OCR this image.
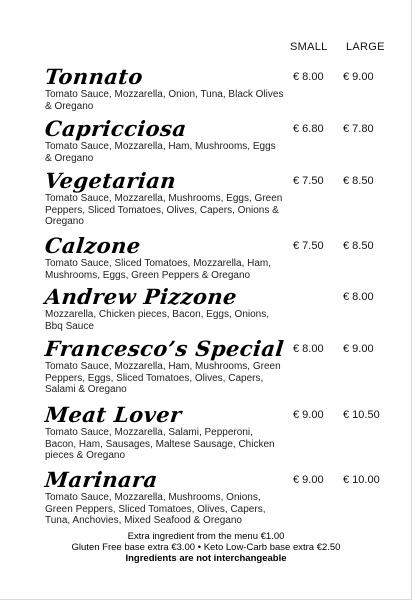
SMALL LARGE
Tonnato
Tomato Sauce, Mozzarella, Onion, Tuna, Black Olives & Oregano
€ 8.00 € 9.00
Capricciosa
Tomato Sauce, Mozzarella, Ham, Mushrooms, Eggs & Oregano
€ 6.80 € 7.80
Vegetarian
Tomato Sauce, Mozzarella, Mushrooms, Eggs, Green Peppers, Sliced Tomatoes, Olives, Capers, Onions & Oregano
€ 7.50 € 8.50
Calzone
Tomato Sauce, Sliced Tomatoes, Mozzarella, Ham, Mushrooms, Eggs, Green Peppers & Oregano
€ 7.50 € 8.50
Andrew Pizzone
Mozzarella, Chicken pieces, Bacon, Eggs, Onions, Bbq Sauce
€ 8.00
Francesco’s Special
Tomato Sauce, Mozzarella, Ham, Mushrooms, Green Peppers, Eggs, Sliced Tomatoes, Olives, Capers, Salami & Oregano
€ 8.00 € 9.00
Meat Lover
Tomato Sauce, Mozzarella, Salami, Pepperoni, Bacon, Ham, Sausages, Maltese Sausage, Chicken pieces & Oregano
€ 9.00 € 10.50
Marinara
Tomato Sauce, Mozzarella, Mushrooms, Onions, Green Peppers, Sliced Tomatoes, Olives, Capers, Tuna, Anchovies, Mixed Seafood & Oregano
€ 9.00 € 10.00
Extra ingredient from the menu €1.00
Gluten Free base extra €3.00 • Keto Low-Carb base extra €2.50
Ingredients are not interchangeable
